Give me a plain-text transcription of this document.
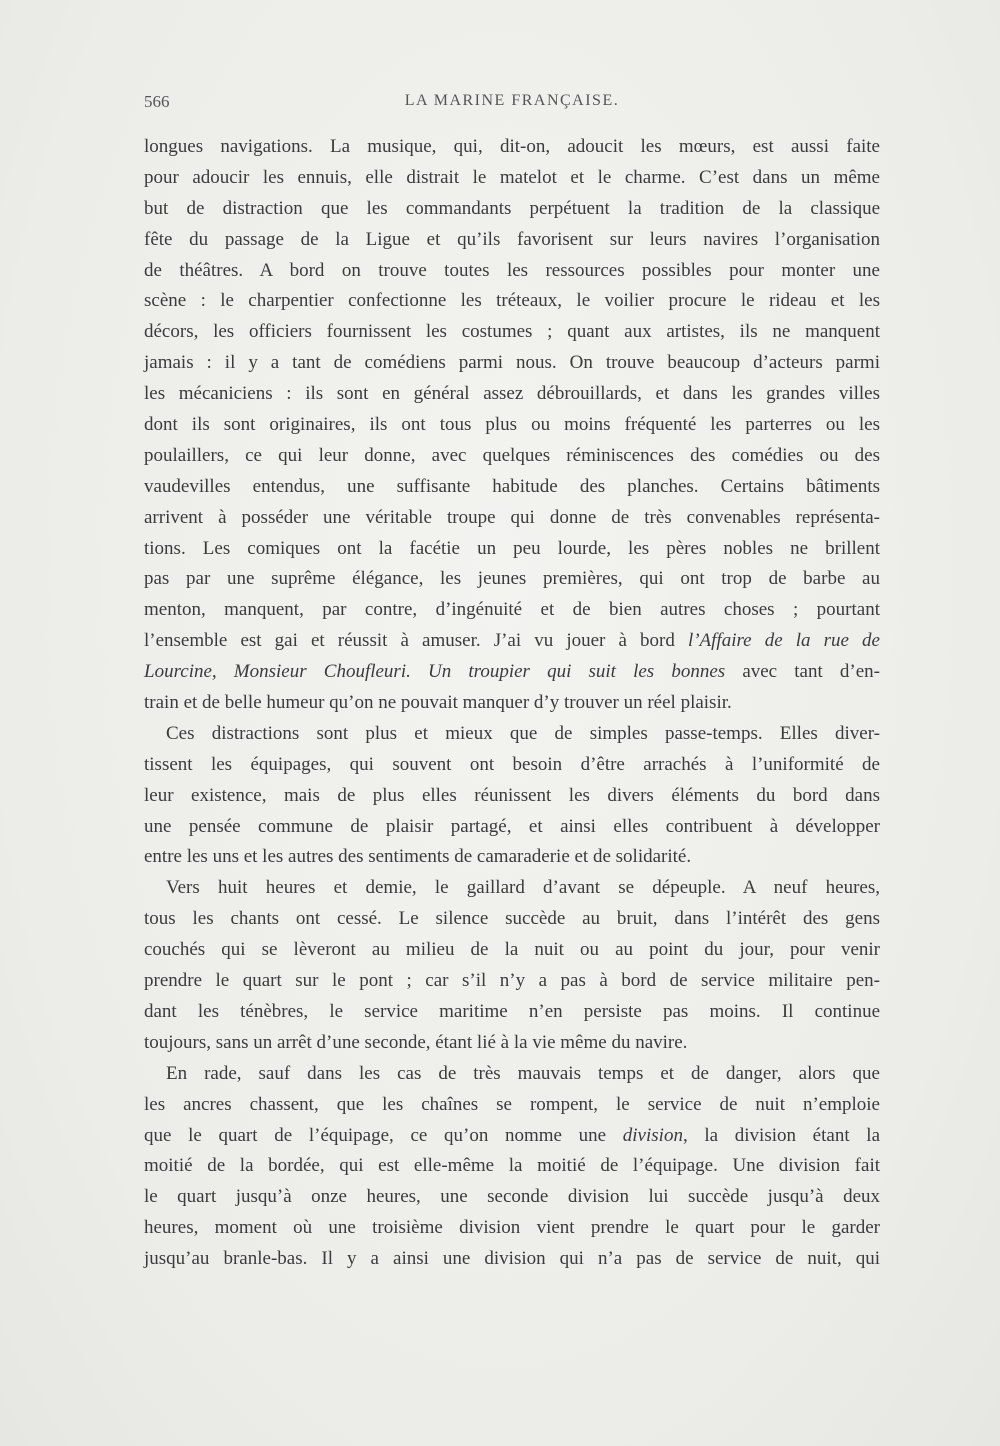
566	LA MARINE FRANÇAISE.
longues navigations. La musique, qui, dit-on, adoucit les mœurs, est aussi faite
pour adoucir les ennuis, elle distrait le matelot et le charme. C’est dans un même
but de distraction que les commandants perpétuent la tradition de la classique
fête du passage de la Ligue et qu’ils favorisent sur leurs navires l’organisation
de théâtres. A bord on trouve toutes les ressources possibles pour monter une
scène : le charpentier confectionne les tréteaux, le voilier procure le rideau et les
décors, les officiers fournissent les costumes ; quant aux artistes, ils ne manquent
jamais : il y a tant de comédiens parmi nous. On trouve beaucoup d’acteurs parmi
les mécaniciens : ils sont en général assez débrouillards, et dans les grandes villes
dont ils sont originaires, ils ont tous plus ou moins fréquenté les parterres ou les
poulaillers, ce qui leur donne, avec quelques réminiscences des comédies ou des
vaudevilles entendus, une suffisante habitude des planches. Certains bâtiments
arrivent à posséder une véritable troupe qui donne de très convenables représenta-
tions. Les comiques ont la facétie un peu lourde, les pères nobles ne brillent
pas par une suprême élégance, les jeunes premières, qui ont trop de barbe au
menton, manquent, par contre, d’ingénuité et de bien autres choses ; pourtant
l’ensemble est gai et réussit à amuser. J’ai vu jouer à bord l’Affaire de la rue de
Lourcine, Monsieur Choufleuri. Un troupier qui suit les bonnes avec tant d’en-
train et de belle humeur qu’on ne pouvait manquer d’y trouver un réel plaisir.
Ces distractions sont plus et mieux que de simples passe-temps. Elles diver-
tissent les équipages, qui souvent ont besoin d’être arrachés à l’uniformité de
leur existence, mais de plus elles réunissent les divers éléments du bord dans
une pensée commune de plaisir partagé, et ainsi elles contribuent à développer
entre les uns et les autres des sentiments de camaraderie et de solidarité.
Vers huit heures et demie, le gaillard d’avant se dépeuple. A neuf heures,
tous les chants ont cessé. Le silence succède au bruit, dans l’intérêt des gens
couchés qui se lèveront au milieu de la nuit ou au point du jour, pour venir
prendre le quart sur le pont ; car s’il n’y a pas à bord de service militaire pen-
dant les ténèbres, le service maritime n’en persiste pas moins. Il continue
toujours, sans un arrêt d’une seconde, étant lié à la vie même du navire.
En rade, sauf dans les cas de très mauvais temps et de danger, alors que
les ancres chassent, que les chaînes se rompent, le service de nuit n’emploie
que le quart de l’équipage, ce qu’on nomme une division, la division étant la
moitié de la bordée, qui est elle-même la moitié de l’équipage. Une division fait
le quart jusqu’à onze heures, une seconde division lui succède jusqu’à deux
heures, moment où une troisième division vient prendre le quart pour le garder
jusqu’au branle-bas. Il y a ainsi une division qui n’a pas de service de nuit, qui
